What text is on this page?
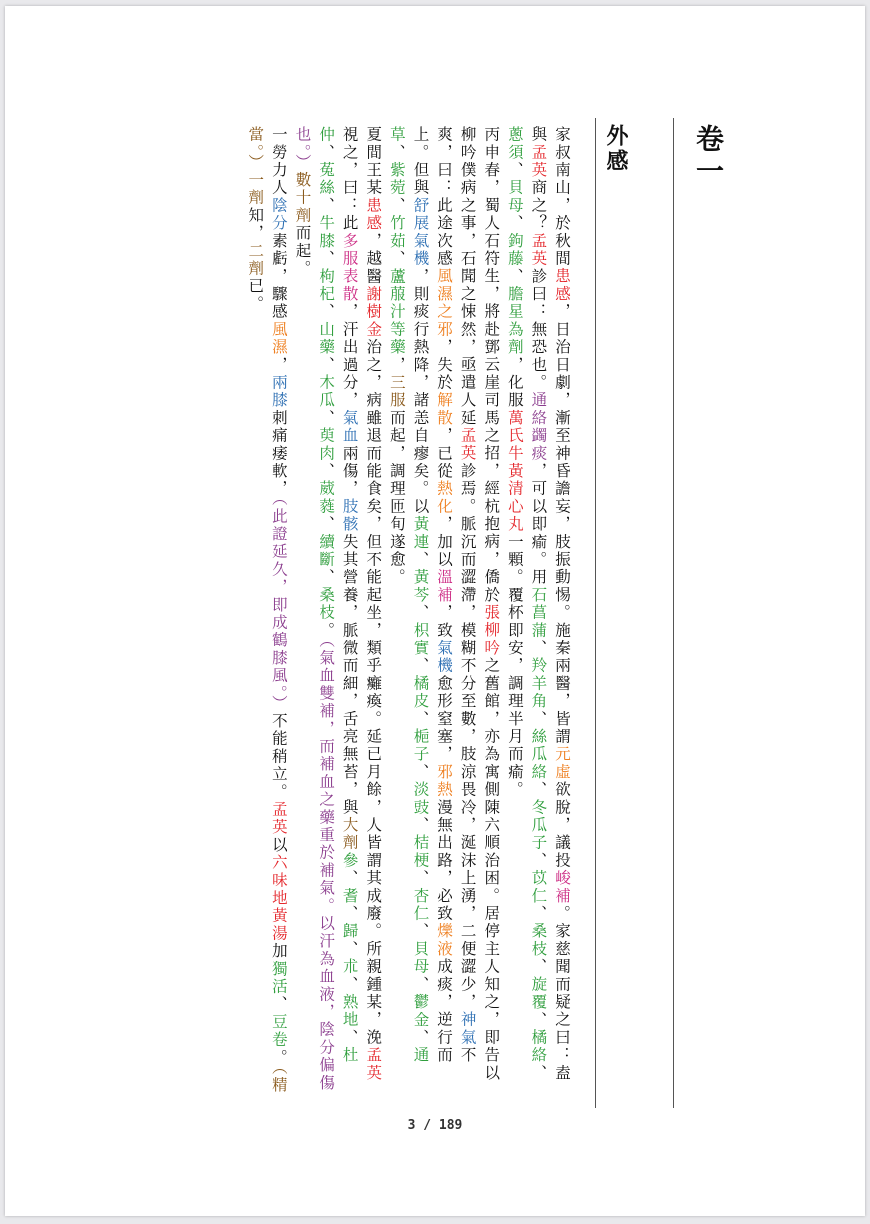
卷一
外感

家叔南山，於秋間患感，日治日劇，漸至神昏譫妄，肢振動惕。施秦兩醫，皆謂元虛欲脫，議投峻補。家慈聞而疑之曰：盍與孟英商之？孟英診曰：無恐也。通絡蠲痰，可以即瘉。用石菖蒲、羚羊角、絲瓜絡、冬瓜子、苡仁、桑枝、旋覆、橘絡、蔥須、貝母、鉤藤、膽星為劑，化服萬氏牛黃清心丸一顆。覆杯即安，調理半月而瘉。

丙申春，蜀人石符生，將赴鄧云崖司馬之招，經杭抱病，僑於張柳吟之舊館，亦為寓側陳六順治困。居停主人知之，即告以柳吟僕病之事，石聞之悚然，亟遣人延孟英診焉。脈沉而澀滯，模糊不分至數，肢涼畏冷，涎沫上湧，二便澀少，神氣不爽，曰：此途次感風濕之邪，失於解散，已從熱化，加以溫補，致氣機愈形窒塞，邪熱漫無出路，必致爍液成痰，逆行而上。但與舒展氣機，則痰行熱降，諸恙自瘳矣。以黃連、黃芩、枳實、橘皮、梔子、淡豉、桔梗、杏仁、貝母、鬱金、通草、紫菀、竹茹、蘆菔汁等藥，三服而起，調理匝旬遂愈。

夏間王某患感，越醫謝樹金治之，病雖退而能食矣，但不能起坐，類乎癱瘓。延已月餘，人皆謂其成廢。所親鍾某，浼孟英視之，曰：此多服表散，汗出過分，氣血兩傷，肢骸失其營養，脈微而細，舌亮無苔，與大劑參、耆、歸、朮、熟地、杜仲、菟絲、牛膝、枸杞、山藥、木瓜、萸肉、葳蕤、續斷、桑枝。（氣血雙補，而補血之藥重於補氣。以汗為血液，陰分偏傷也。）數十劑而起。

一勞力人陰分素虧，驟感風濕，兩膝刺痛痿軟，（此證延久，即成鶴膝風。）不能稍立。孟英以六味地黃湯加獨活、豆卷。（精當。）一劑知，二劑已。

3 / 189
